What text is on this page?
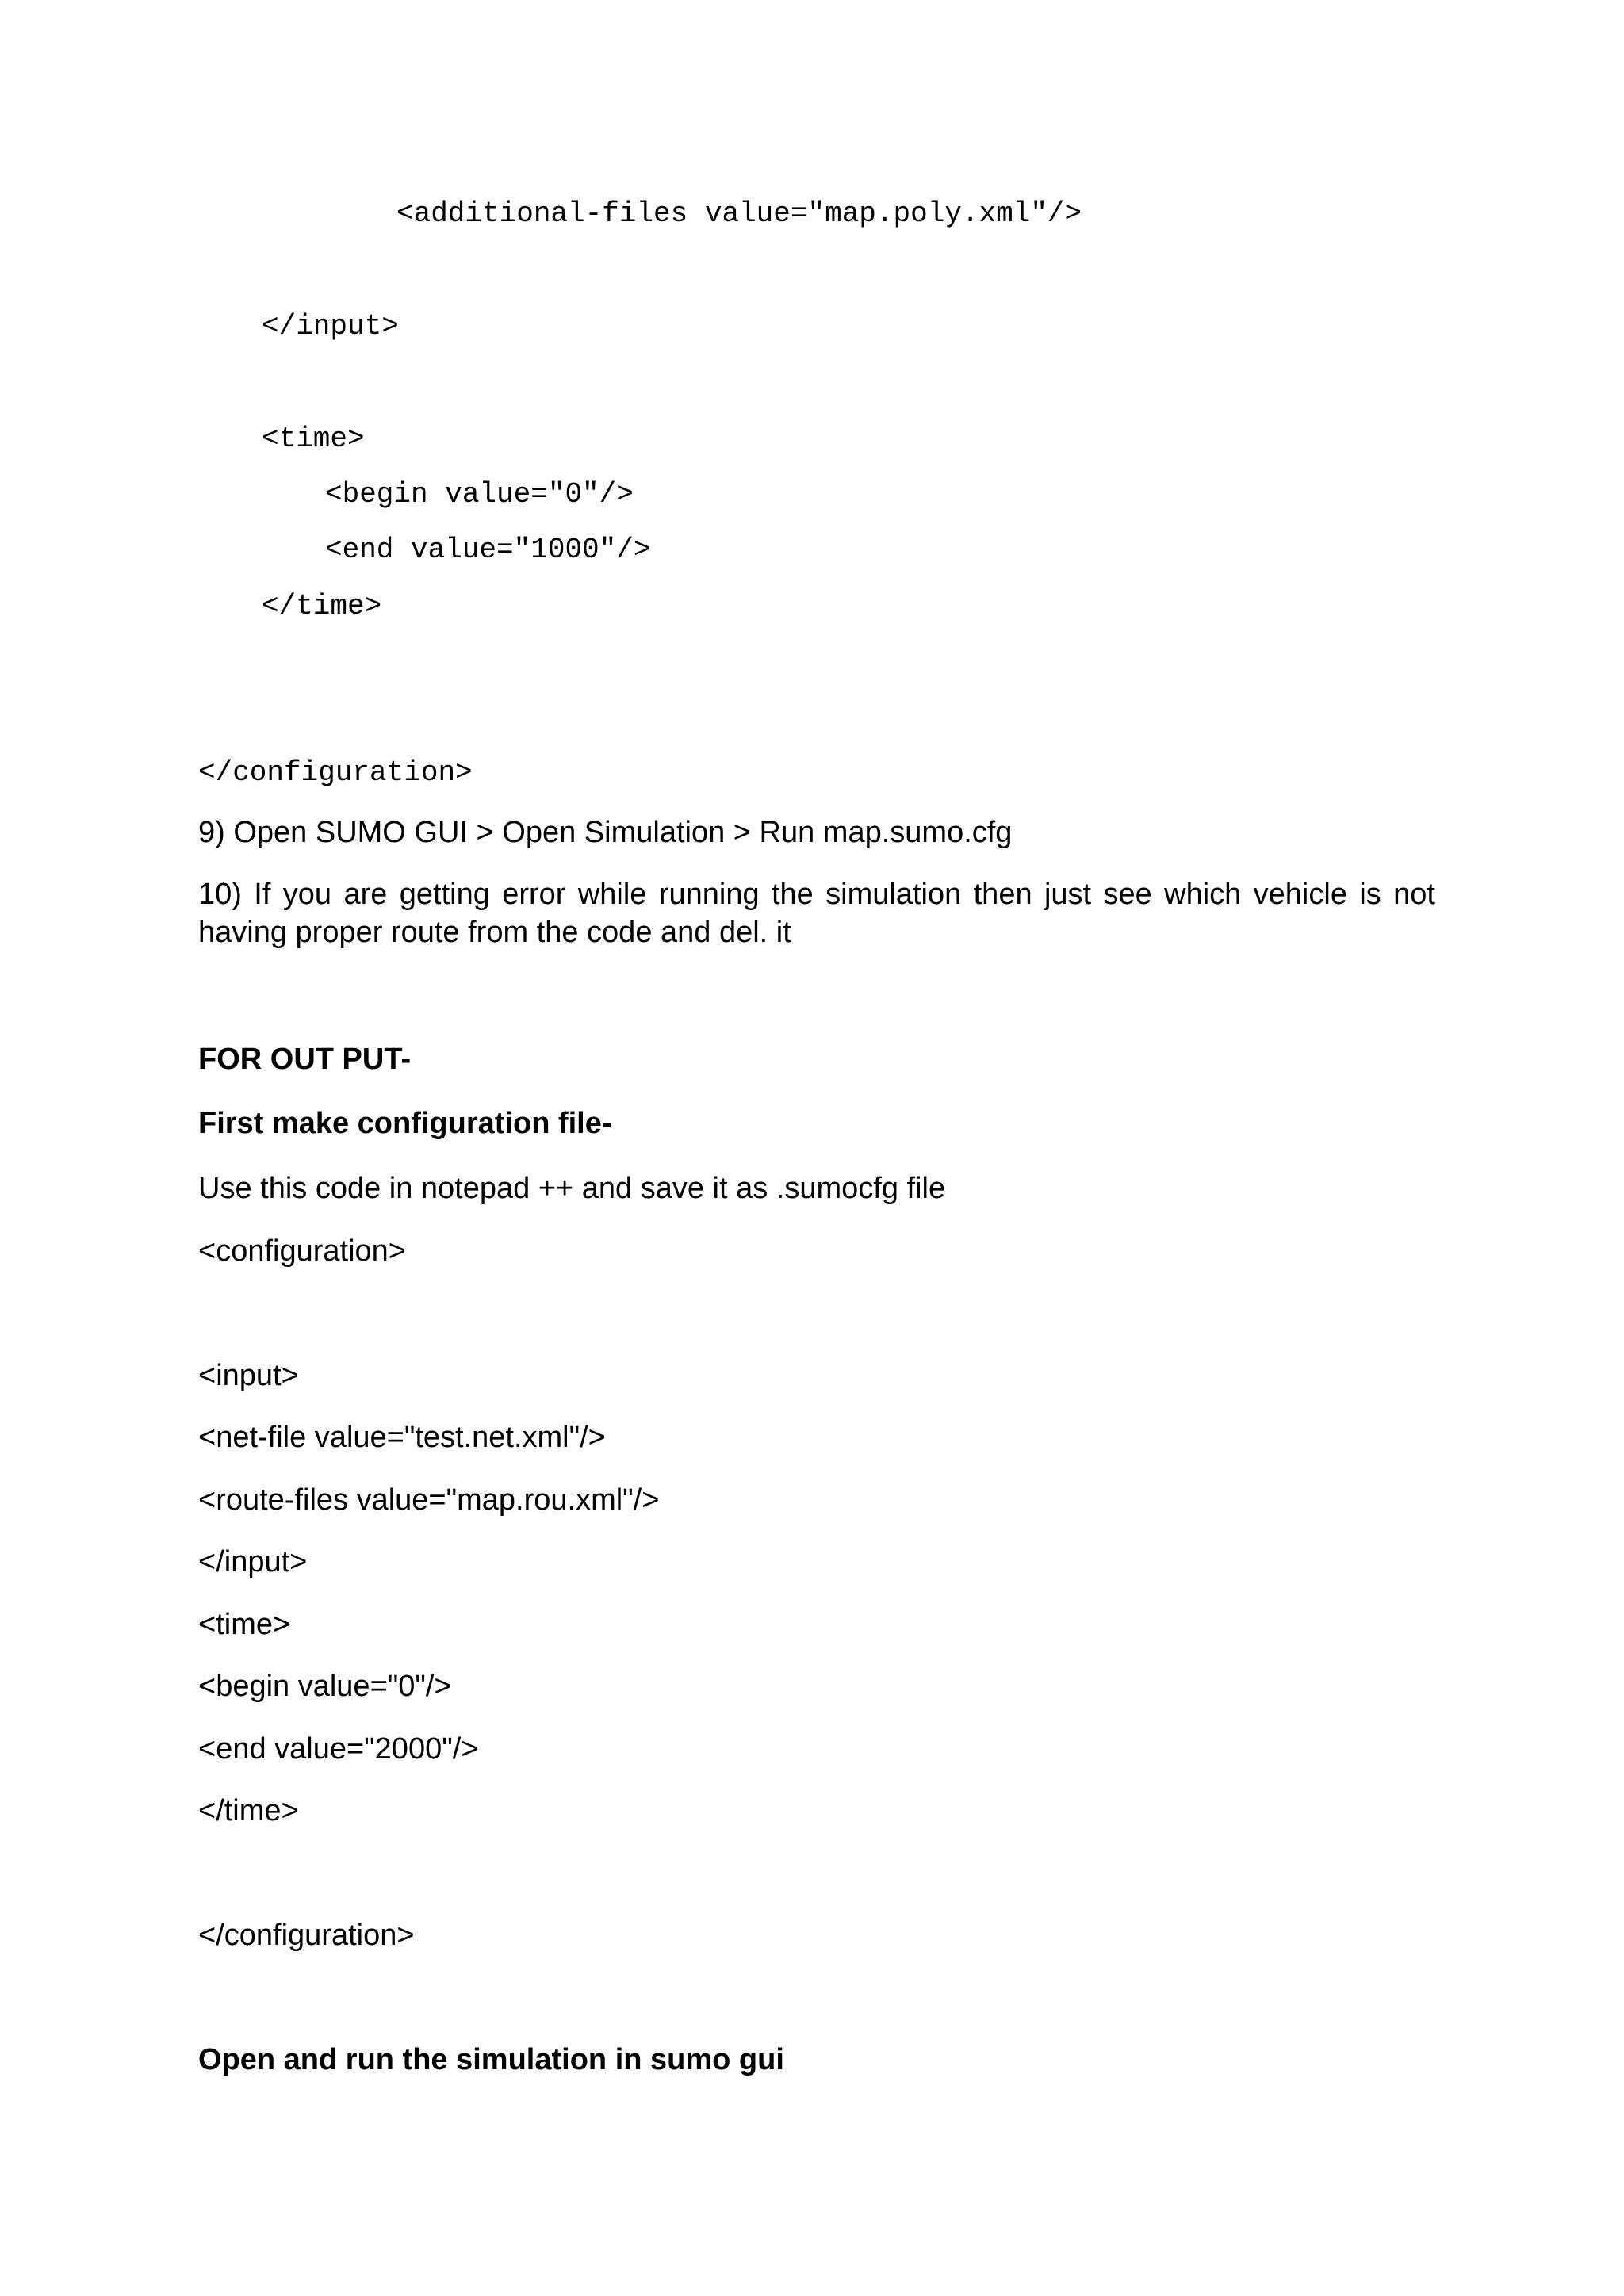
<additional-files value="map.poly.xml"/>
</input>
<time>
<begin value="0"/>
<end value="1000"/>
</time>
</configuration>
9) Open SUMO GUI > Open Simulation > Run map.sumo.cfg

10) If you are getting error while running the simulation then just see which vehicle is not having proper route from the code and del. it

FOR OUT PUT-
First make configuration file-
Use this code in notepad ++ and save it as .sumocfg file
<configuration>
<input>
<net-file value="test.net.xml"/>
<route-files value="map.rou.xml"/>
</input>
<time>
<begin value="0"/>
<end value="2000"/>
</time>
</configuration>
Open and run the simulation in sumo gui
